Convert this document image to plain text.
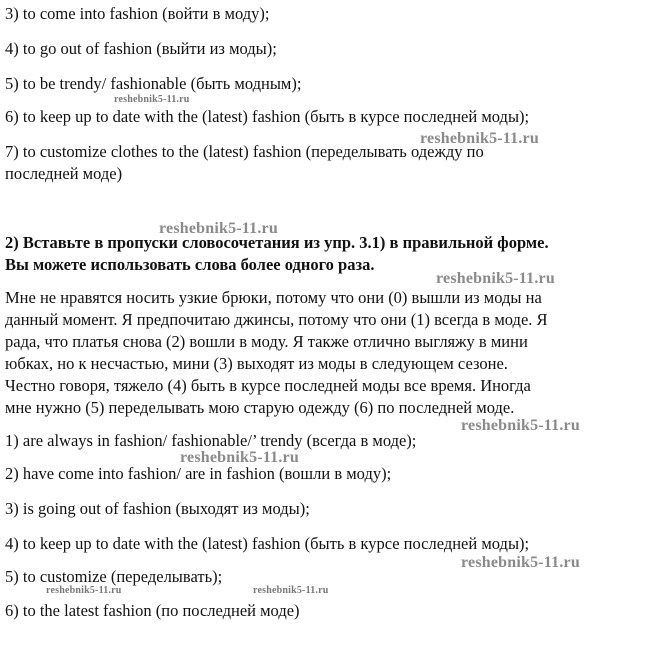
3) to come into fashion (войти в моду);
4) to go out of fashion (выйти из моды);
5) to be trendy/ fashionable (быть модным);
6) to keep up to date with the (latest) fashion (быть в курсе последней моды);
7) to customize clothes to the (latest) fashion (переделывать одежду по
последней моде)
2) Вставьте в пропуски словосочетания из упр. 3.1) в правильной форме.
Вы можете использовать слова более одного раза.
Мне не нравятся носить узкие брюки, потому что они (0) вышли из моды на
данный момент. Я предпочитаю джинсы, потому что они (1) всегда в моде. Я
рада, что платья снова (2) вошли в моду. Я также отлично выгляжу в мини
юбках, но к несчастью, мини (3) выходят из моды в следующем сезоне.
Честно говоря, тяжело (4) быть в курсе последней моды все время. Иногда
мне нужно (5) переделывать мою старую одежду (6) по последней моде.
1) are always in fashion/ fashionable/’ trendy (всегда в моде);
2) have come into fashion/ are in fashion (вошли в моду);
3) is going out of fashion (выходят из моды);
4) to keep up to date with the (latest) fashion (быть в курсе последней моды);
5) to customize (переделывать);
6) to the latest fashion (по последней моде)
reshebnik5-11.ru
reshebnik5-11.ru
reshebnik5-11.ru
reshebnik5-11.ru
reshebnik5-11.ru
reshebnik5-11.ru
reshebnik5-11.ru
reshebnik5-11.ru	reshebnik5-11.ru
